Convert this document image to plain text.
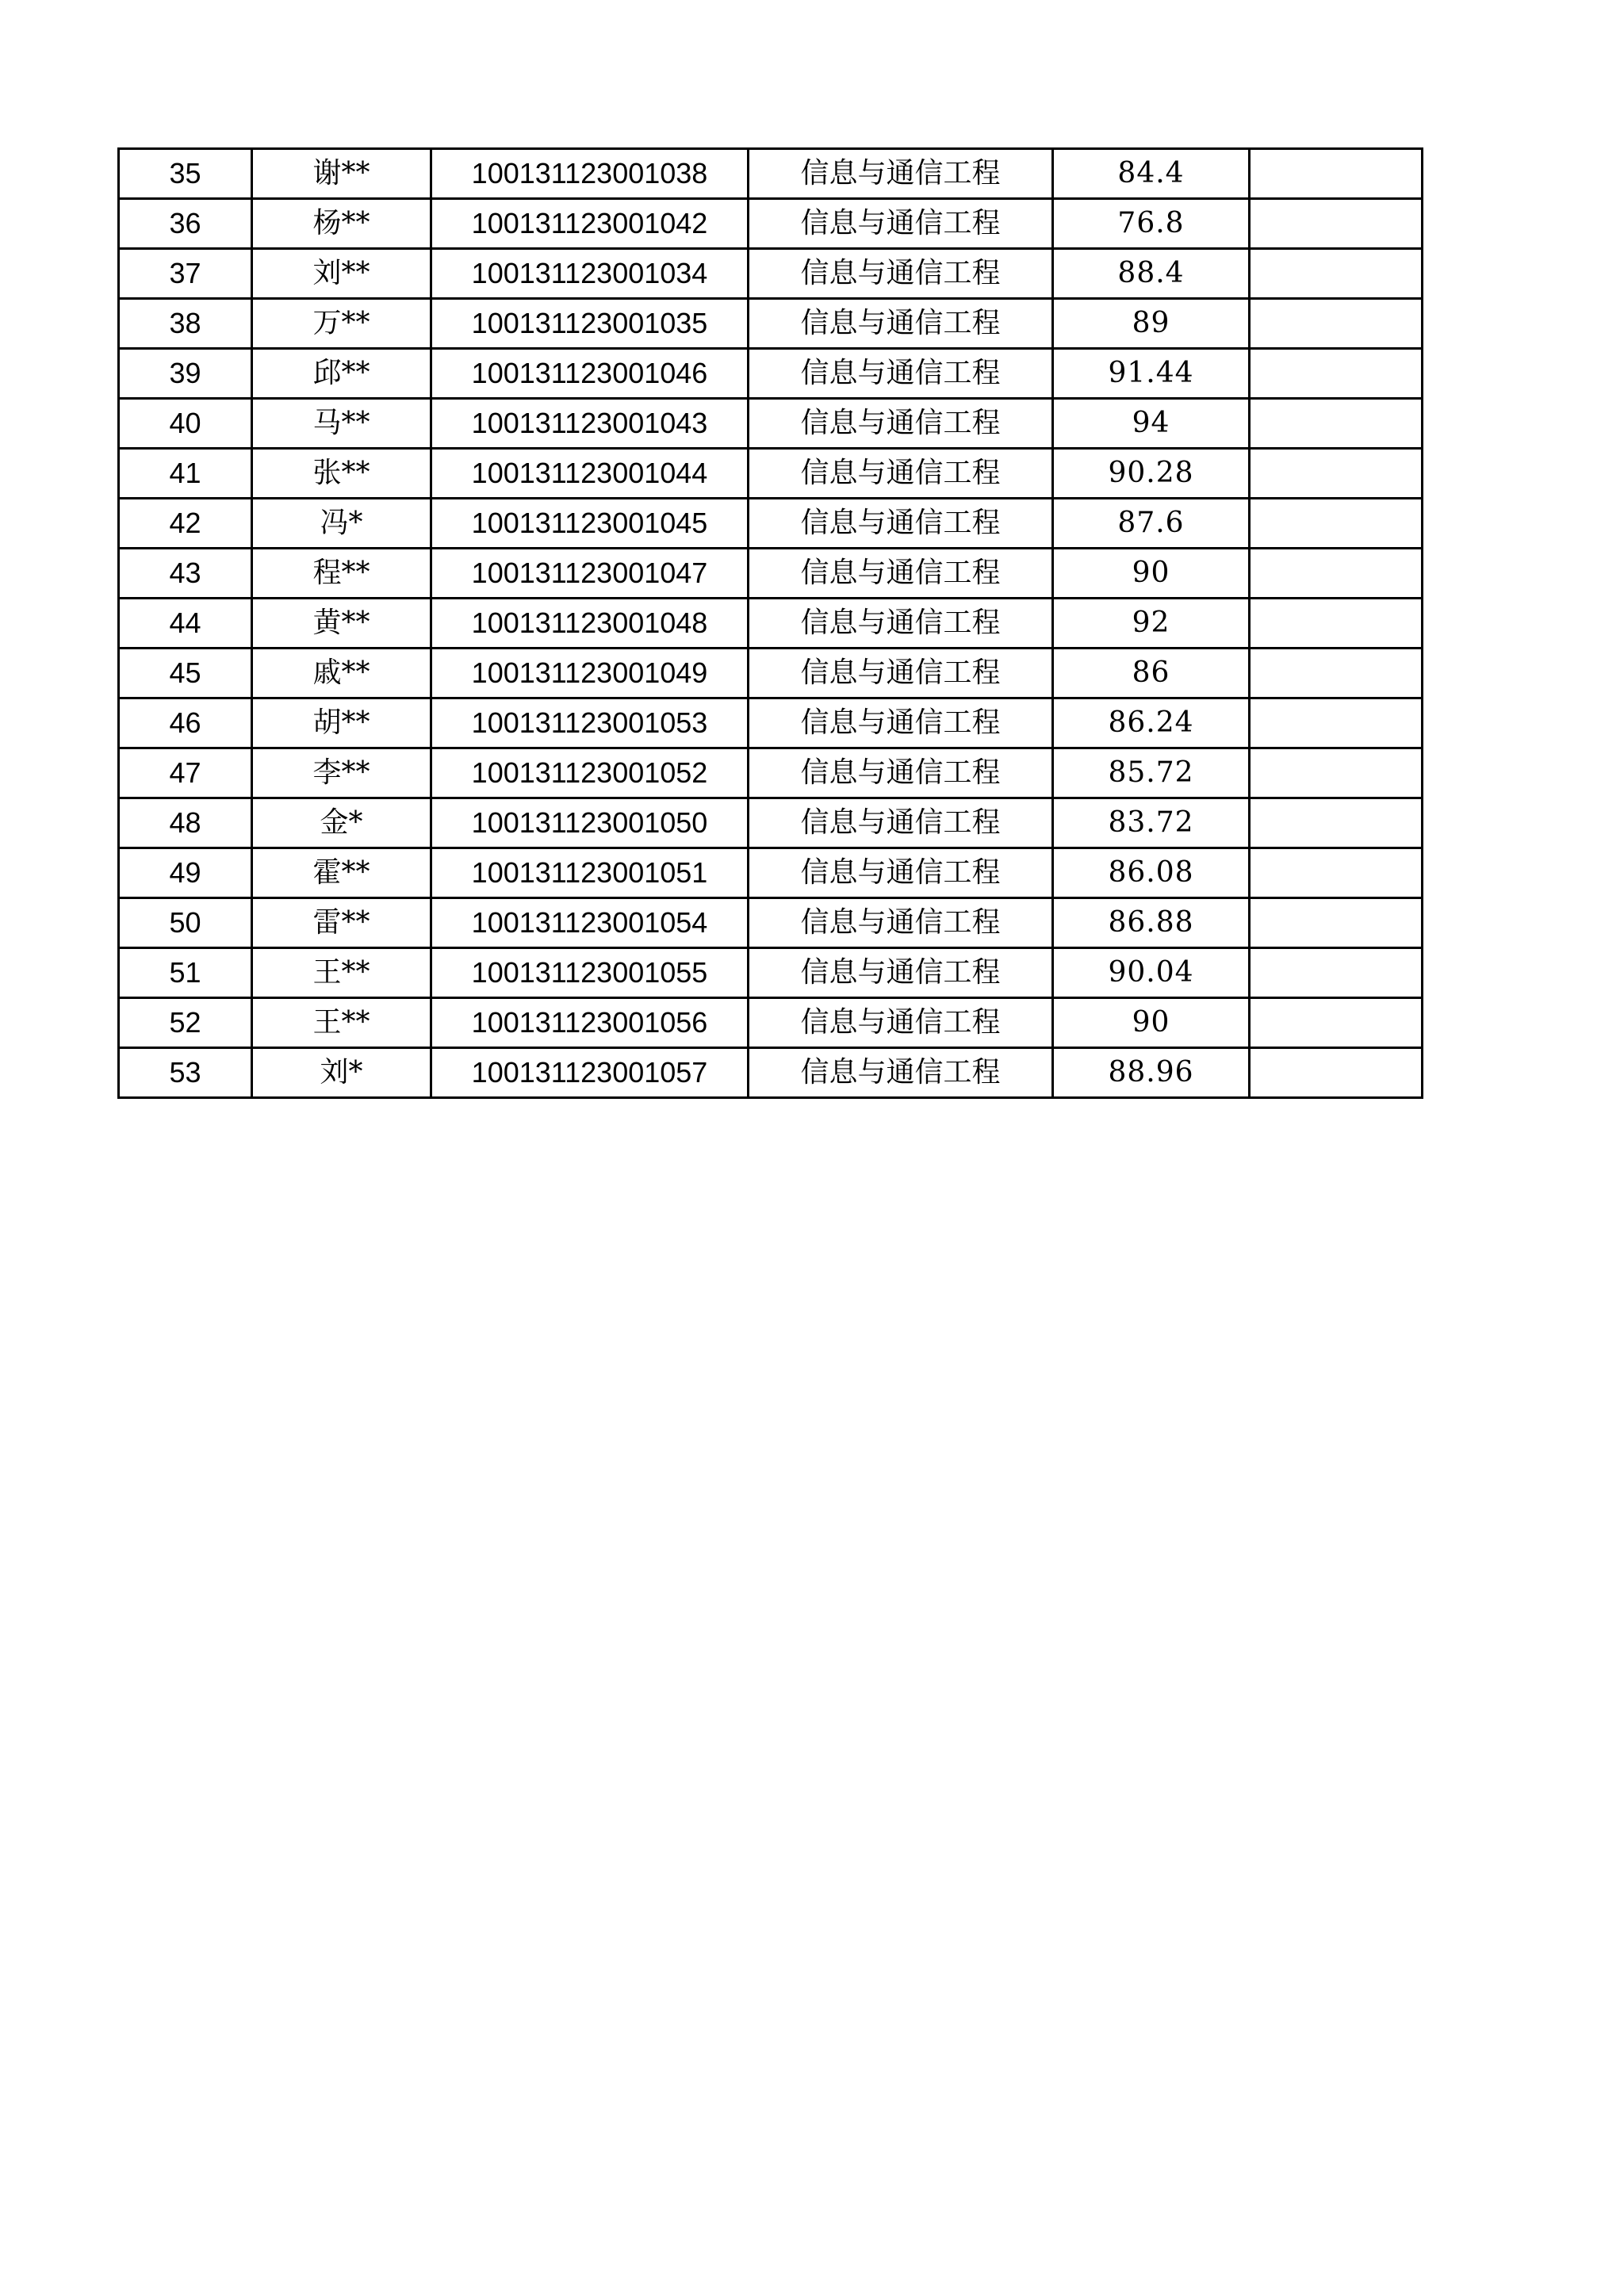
35	谢**	100131123001038	信息与通信工程	84.4	
36	杨**	100131123001042	信息与通信工程	76.8	
37	刘**	100131123001034	信息与通信工程	88.4	
38	万**	100131123001035	信息与通信工程	89	
39	邱**	100131123001046	信息与通信工程	91.44	
40	马**	100131123001043	信息与通信工程	94	
41	张**	100131123001044	信息与通信工程	90.28	
42	冯*	100131123001045	信息与通信工程	87.6	
43	程**	100131123001047	信息与通信工程	90	
44	黄**	100131123001048	信息与通信工程	92	
45	戚**	100131123001049	信息与通信工程	86	
46	胡**	100131123001053	信息与通信工程	86.24	
47	李**	100131123001052	信息与通信工程	85.72	
48	金*	100131123001050	信息与通信工程	83.72	
49	霍**	100131123001051	信息与通信工程	86.08	
50	雷**	100131123001054	信息与通信工程	86.88	
51	王**	100131123001055	信息与通信工程	90.04	
52	王**	100131123001056	信息与通信工程	90	
53	刘*	100131123001057	信息与通信工程	88.96	
